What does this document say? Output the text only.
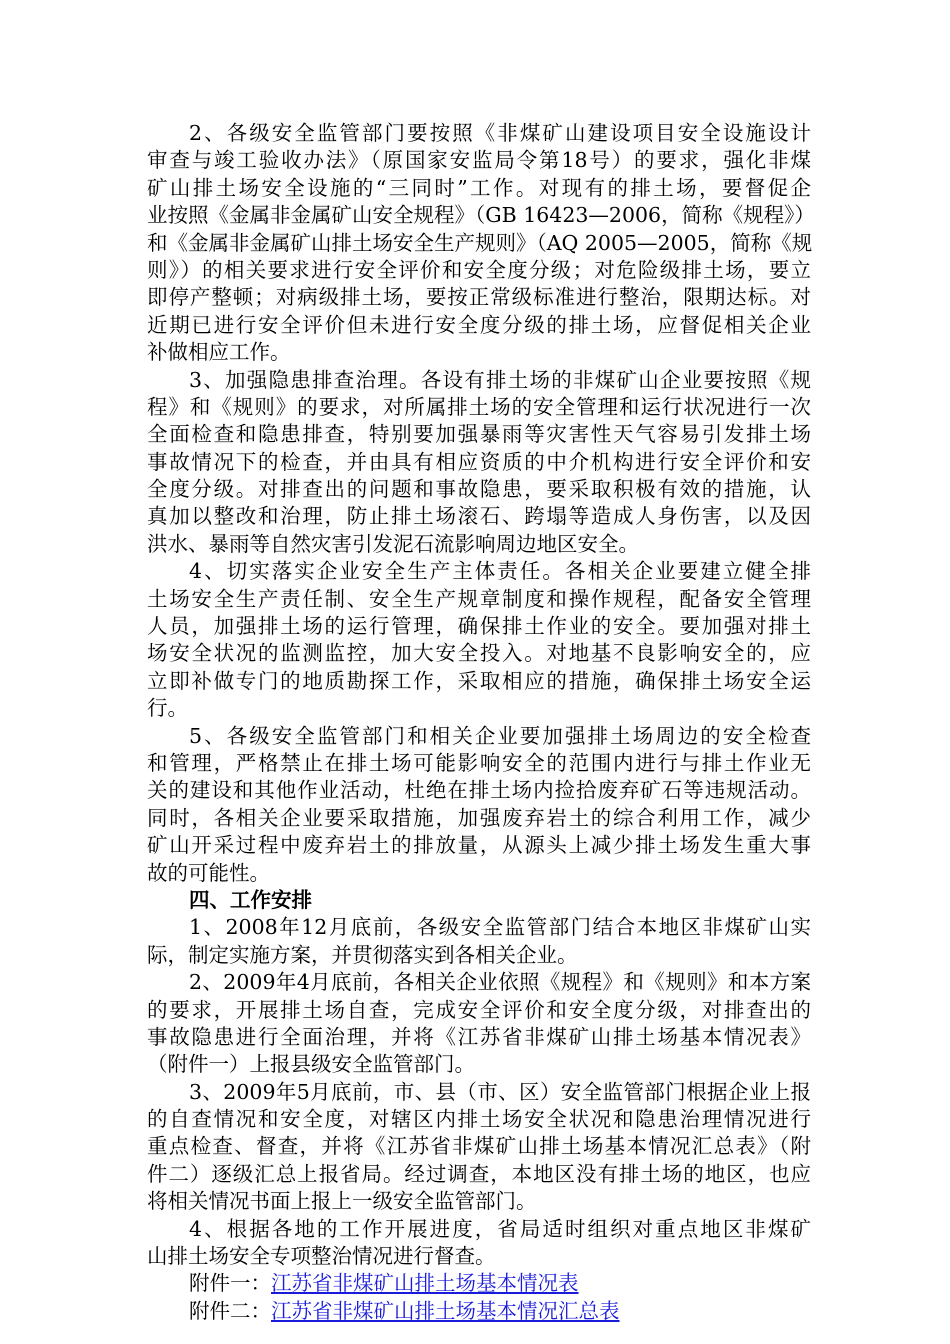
2、各级安全监管部门要按照《非煤矿山建设项目安全设施设计
审查与竣工验收办法》（原国家安监局令第18号）的要求，强化非煤
矿山排土场安全设施的“三同时”工作。对现有的排土场，要督促企
业按照《金属非金属矿山安全规程》（GB 16423—2006，简称《规程》）
和《金属非金属矿山排土场安全生产规则》（AQ 2005—2005，简称《规
则》）的相关要求进行安全评价和安全度分级；对危险级排土场，要立
即停产整顿；对病级排土场，要按正常级标准进行整治，限期达标。对
近期已进行安全评价但未进行安全度分级的排土场，应督促相关企业
补做相应工作。
3、加强隐患排查治理。各设有排土场的非煤矿山企业要按照《规
程》和《规则》的要求，对所属排土场的安全管理和运行状况进行一次
全面检查和隐患排查，特别要加强暴雨等灾害性天气容易引发排土场
事故情况下的检查，并由具有相应资质的中介机构进行安全评价和安
全度分级。对排查出的问题和事故隐患，要采取积极有效的措施，认
真加以整改和治理，防止排土场滚石、跨塌等造成人身伤害，以及因
洪水、暴雨等自然灾害引发泥石流影响周边地区安全。
4、切实落实企业安全生产主体责任。各相关企业要建立健全排
土场安全生产责任制、安全生产规章制度和操作规程，配备安全管理
人员，加强排土场的运行管理，确保排土作业的安全。要加强对排土
场安全状况的监测监控，加大安全投入。对地基不良影响安全的，应
立即补做专门的地质勘探工作，采取相应的措施，确保排土场安全运
行。
5、各级安全监管部门和相关企业要加强排土场周边的安全检查
和管理，严格禁止在排土场可能影响安全的范围内进行与排土作业无
关的建设和其他作业活动，杜绝在排土场内捡拾废弃矿石等违规活动。
同时，各相关企业要采取措施，加强废弃岩土的综合利用工作，减少
矿山开采过程中废弃岩土的排放量，从源头上减少排土场发生重大事
故的可能性。
四、工作安排
1、2008年12月底前，各级安全监管部门结合本地区非煤矿山实
际，制定实施方案，并贯彻落实到各相关企业。
2、2009年4月底前，各相关企业依照《规程》和《规则》和本方案
的要求，开展排土场自查，完成安全评价和安全度分级，对排查出的
事故隐患进行全面治理，并将《江苏省非煤矿山排土场基本情况表》
（附件一）上报县级安全监管部门。
3、2009年5月底前，市、县（市、区）安全监管部门根据企业上报
的自查情况和安全度，对辖区内排土场安全状况和隐患治理情况进行
重点检查、督查，并将《江苏省非煤矿山排土场基本情况汇总表》（附
件二）逐级汇总上报省局。经过调查，本地区没有排土场的地区，也应
将相关情况书面上报上一级安全监管部门。
4、根据各地的工作开展进度，省局适时组织对重点地区非煤矿
山排土场安全专项整治情况进行督查。
附件一：江苏省非煤矿山排土场基本情况表
附件二：江苏省非煤矿山排土场基本情况汇总表
